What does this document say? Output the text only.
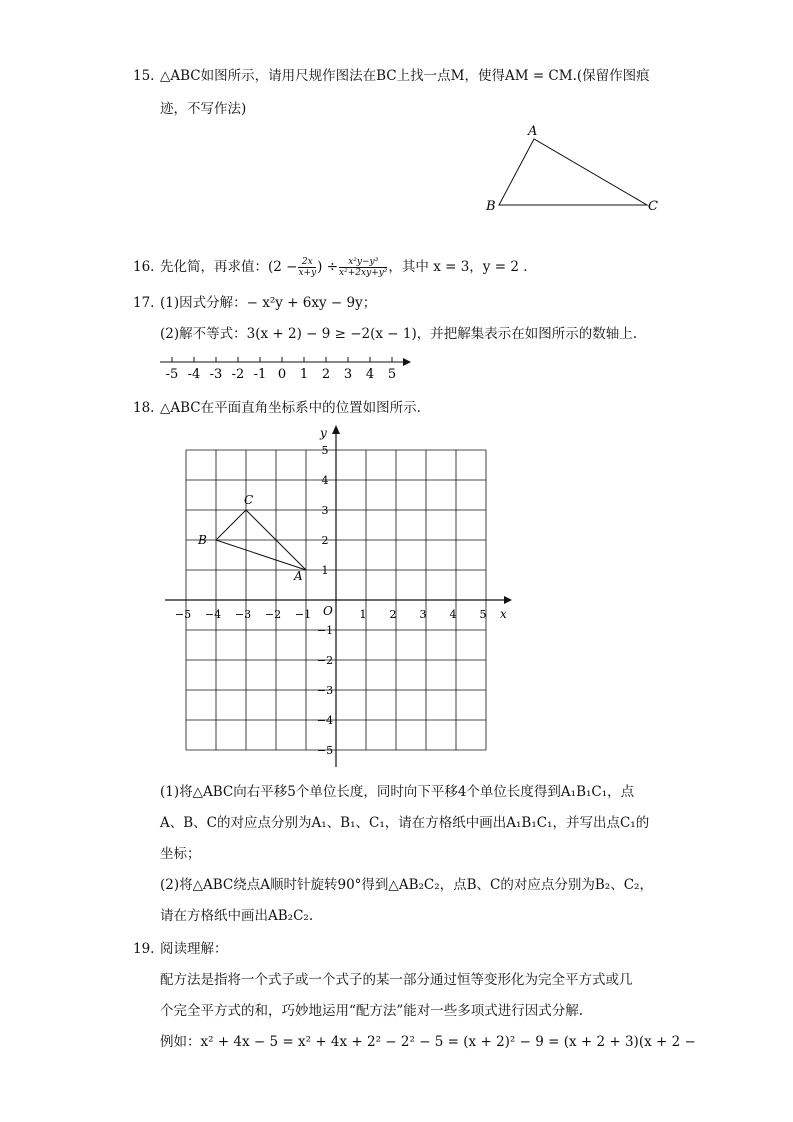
15. △ABC如图所示，请用尺规作图法在BC上找一点M，使得AM = CM.(保留作图痕
迹，不写作法)
A
B	C
16. 先化简，再求值：($2 - \frac{2x}{x+y}$ ) ÷ $\frac{\text{x²y−y³}}{\text{x²+2xy+y²}}$ ，其中 x = 3，y = 2 .
17. (1)因式分解：− x²y + 6xy − 9y；
(2)解不等式：3(x + 2) − 9 ≥ −2(x − 1)，并把解集表示在如图所示的数轴上.
-5 -4 -3 -2 -1 0 1 2 3 4 5
18. △ABC在平面直角坐标系中的位置如图所示.
x
y
O
−5 −4 −3 −2 −1	1 2 3 4 5
5
4
3
2
1
−1
−2
−3
−4
−5
A
B
C
(1)将△ABC向右平移5个单位长度，同时向下平移4个单位长度得到A₁B₁C₁，点
A、B、C的对应点分别为A₁、B₁、C₁，请在方格纸中画出A₁B₁C₁，并写出点C₁的
坐标；
(2)将△ABC绕点A顺时针旋转90°得到△AB₂C₂，点B、C的对应点分别为B₂、C₂，
请在方格纸中画出AB₂C₂.
19. 阅读理解：
配方法是指将一个式子或一个式子的某一部分通过恒等变形化为完全平方式或几
个完全平方式的和，巧妙地运用“配方法”能对一些多项式进行因式分解.
例如：x² + 4x − 5 = x² + 4x + 2² − 2² − 5 = (x + 2)² − 9 = (x + 2 + 3)(x + 2 −
